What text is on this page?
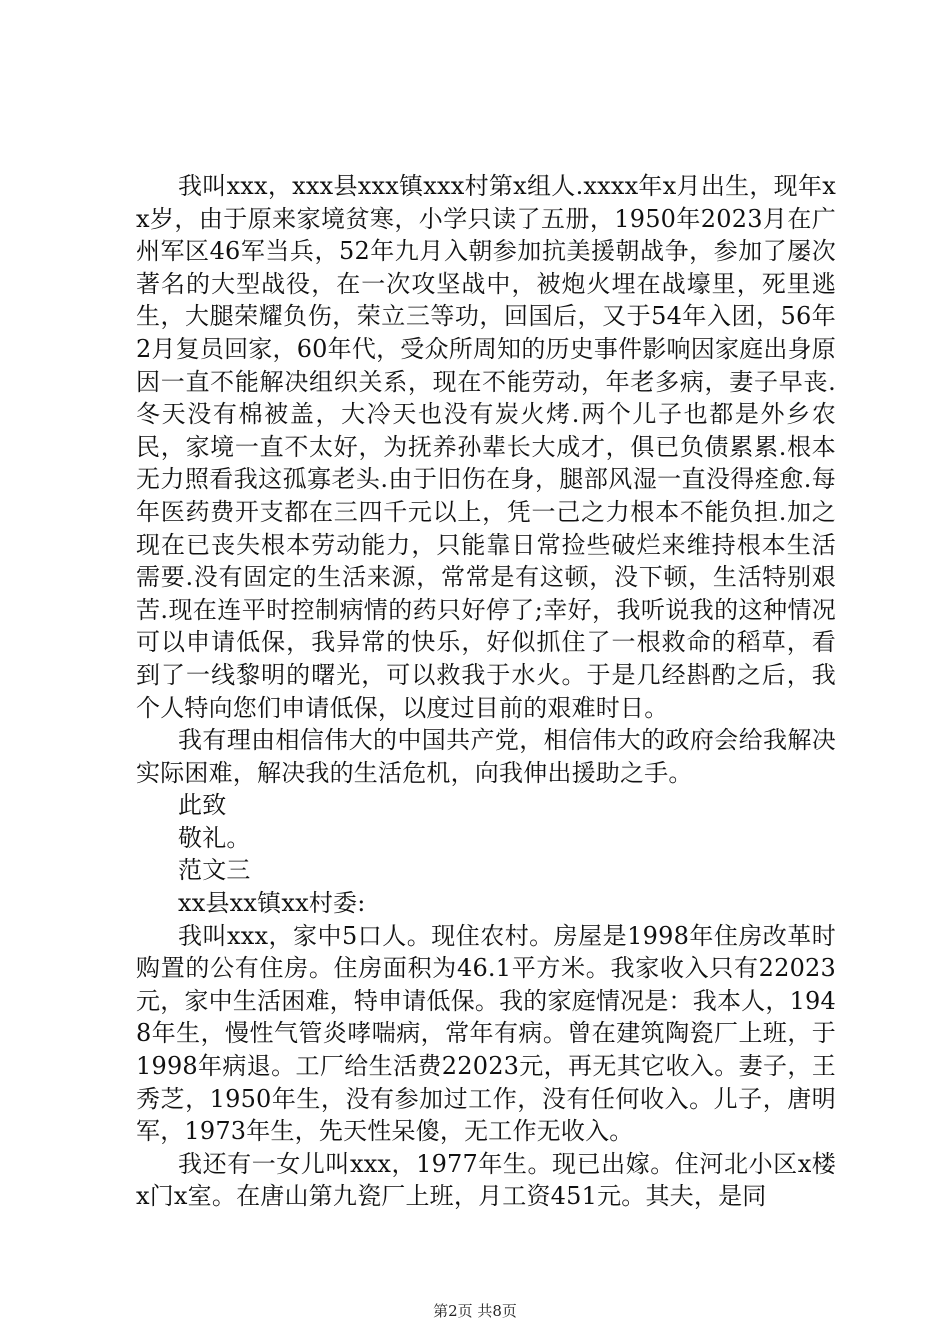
我叫xxx，xxx县xxx镇xxx村第x组人.xxxx年x月出生，现年xx岁，由于原来家境贫寒，小学只读了五册，1950年2023月在广州军区46军当兵，52年九月入朝参加抗美援朝战争，参加了屡次著名的大型战役，在一次攻坚战中，被炮火埋在战壕里，死里逃生，大腿荣耀负伤，荣立三等功，回国后，又于54年入团，56年2月复员回家，60年代，受众所周知的历史事件影响因家庭出身原因一直不能解决组织关系，现在不能劳动，年老多病，妻子早丧.冬天没有棉被盖，大冷天也没有炭火烤.两个儿子也都是外乡农民，家境一直不太好，为抚养孙辈长大成才，俱已负债累累.根本无力照看我这孤寡老头.由于旧伤在身，腿部风湿一直没得痊愈.每年医药费开支都在三四千元以上，凭一己之力根本不能负担.加之现在已丧失根本劳动能力，只能靠日常捡些破烂来维持根本生活需要.没有固定的生活来源，常常是有这顿，没下顿，生活特别艰苦.现在连平时控制病情的药只好停了;幸好，我听说我的这种情况可以申请低保，我异常的快乐，好似抓住了一根救命的稻草，看到了一线黎明的曙光，可以救我于水火。于是几经斟酌之后，我个人特向您们申请低保，以度过目前的艰难时日。

我有理由相信伟大的中国共产党，相信伟大的政府会给我解决实际困难，解决我的生活危机，向我伸出援助之手。

此致

敬礼。

范文三

xx县xx镇xx村委:

我叫xxx，家中5口人。现住农村。房屋是1998年住房改革时购置的公有住房。住房面积为46.1平方米。我家收入只有22023元，家中生活困难，特申请低保。我的家庭情况是：我本人，1948年生，慢性气管炎哮喘病，常年有病。曾在建筑陶瓷厂上班，于1998年病退。工厂给生活费22023元，再无其它收入。妻子，王秀芝，1950年生，没有参加过工作，没有任何收入。儿子，唐明军，1973年生，先天性呆傻，无工作无收入。

我还有一女儿叫xxx，1977年生。现已出嫁。住河北小区x楼x门x室。在唐山第九瓷厂上班，月工资451元。其夫，是同

第2页 共8页
